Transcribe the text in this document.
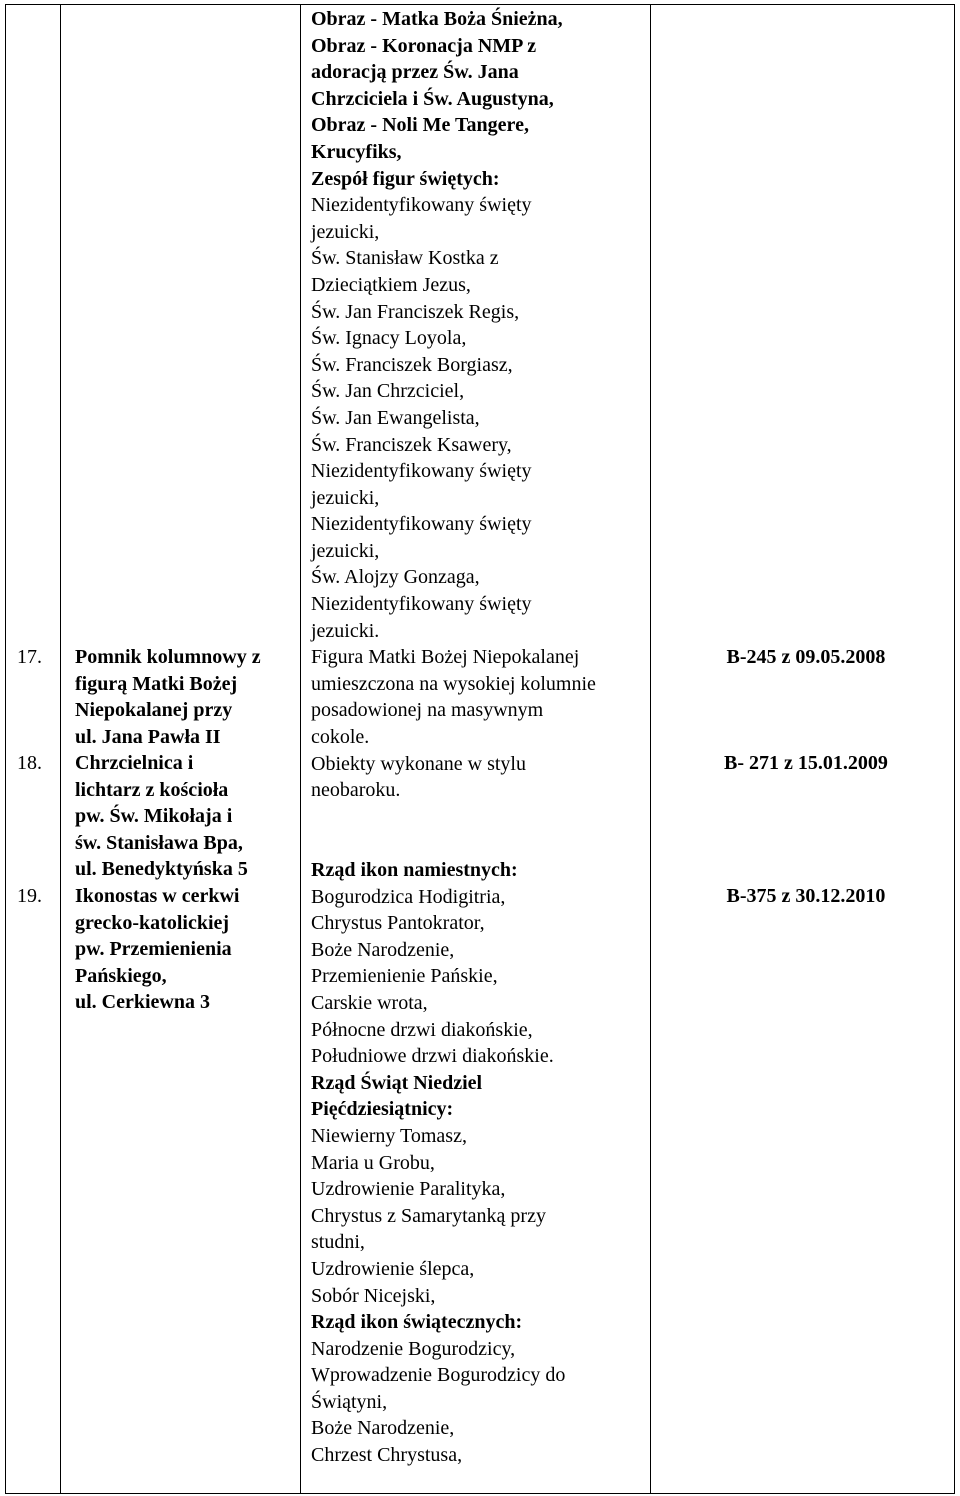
17. Pomnik kolumnowy z
figurą Matki Bożej
Niepokalanej przy
ul. Jana Pawła II
B-245 z 09.05.2008
18. Chrzcielnica i
lichtarz z kościoła
pw. Św. Mikołaja i
św. Stanisława Bpa,
ul. Benedyktyńska 5
B- 271 z 15.01.2009
19. Ikonostas w cerkwi
grecko-katolickiej
pw. Przemienienia
Pańskiego,
ul. Cerkiewna 3
B-375 z 30.12.2010
Obraz - Matka Boża Śnieżna,
Obraz - Koronacja NMP z
adoracją przez Św. Jana
Chrzciciela i Św. Augustyna,
Obraz - Noli Me Tangere,
Krucyfiks,
Zespół figur świętych:
Niezidentyfikowany święty
jezuicki,
Św. Stanisław Kostka z
Dzieciątkiem Jezus,
Św. Jan Franciszek Regis,
Św. Ignacy Loyola,
Św. Franciszek Borgiasz,
Św. Jan Chrzciciel,
Św. Jan Ewangelista,
Św. Franciszek Ksawery,
Niezidentyfikowany święty
jezuicki,
Niezidentyfikowany święty
jezuicki,
Św. Alojzy Gonzaga,
Niezidentyfikowany święty
jezuicki.
Figura Matki Bożej Niepokalanej
umieszczona na wysokiej kolumnie
posadowionej na masywnym
cokole.
Obiekty wykonane w stylu
neobaroku.

Rząd ikon namiestnych:
Bogurodzica Hodigitria,
Chrystus Pantokrator,
Boże Narodzenie,
Przemienienie Pańskie,
Carskie wrota,
Północne drzwi diakońskie,
Południowe drzwi diakońskie.
Rząd Świąt Niedziel
Pięćdziesiątnicy:
Niewierny Tomasz,
Maria u Grobu,
Uzdrowienie Paralityka,
Chrystus z Samarytanką przy
studni,
Uzdrowienie ślepca,
Sobór Nicejski,
Rząd ikon świątecznych:
Narodzenie Bogurodzicy,
Wprowadzenie Bogurodzicy do
Świątyni,
Boże Narodzenie,
Chrzest Chrystusa,
